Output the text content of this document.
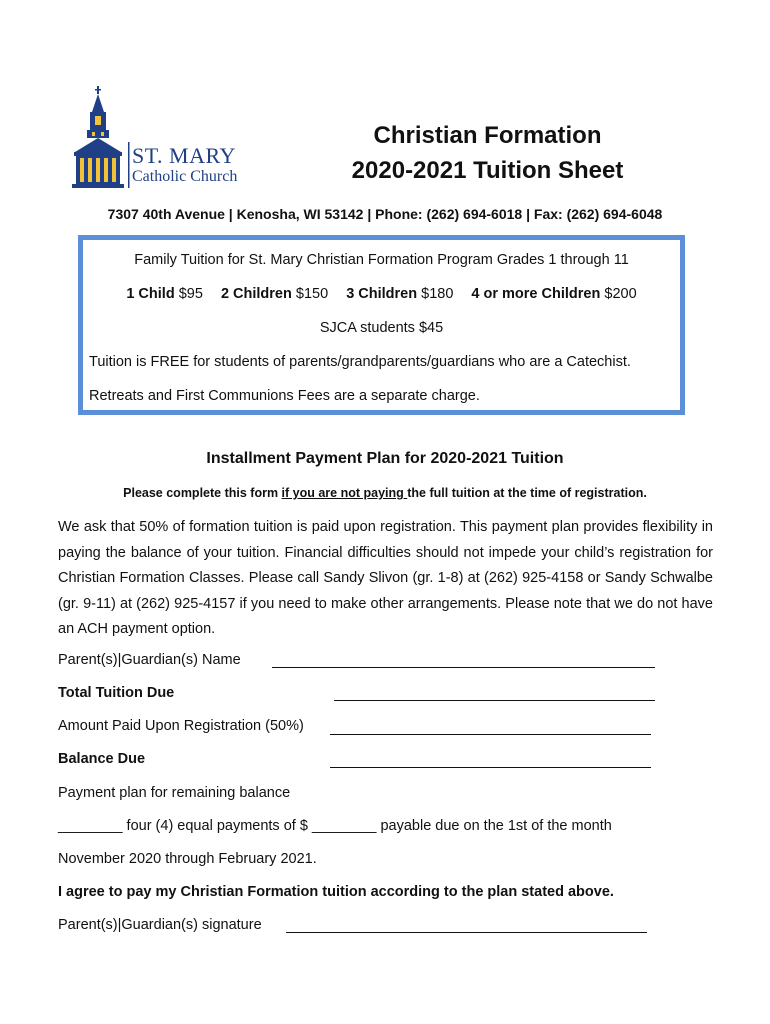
ST. MARY
Catholic Church
Christian Formation
2020-2021 Tuition Sheet
7307 40th Avenue | Kenosha, WI 53142 | Phone: (262) 694-6018 | Fax: (262) 694-6048
Family Tuition for St. Mary Christian Formation Program Grades 1 through 11
1 Child $95 2 Children $150 3 Children $180 4 or more Children $200
SJCA students $45
Tuition is FREE for students of parents/grandparents/guardians who are a Catechist.
Retreats and First Communions Fees are a separate charge.
Installment Payment Plan for 2020-2021 Tuition
Please complete this form if you are not paying the full tuition at the time of registration.
We ask that 50% of formation tuition is paid upon registration. This payment plan provides flexibility in paying the balance of your tuition. Financial difficulties should not impede your child’s registration for Christian Formation Classes. Please call Sandy Slivon (gr. 1-8) at (262) 925-4158 or Sandy Schwalbe (gr. 9-11) at (262) 925-4157 if you need to make other arrangements. Please note that we do not have an ACH payment option.
Parent(s)|Guardian(s) Name
Total Tuition Due
Amount Paid Upon Registration (50%)
Balance Due
Payment plan for remaining balance
________ four (4) equal payments of $ ________ payable due on the 1st of the month
November 2020 through February 2021.
I agree to pay my Christian Formation tuition according to the plan stated above.
Parent(s)|Guardian(s) signature
